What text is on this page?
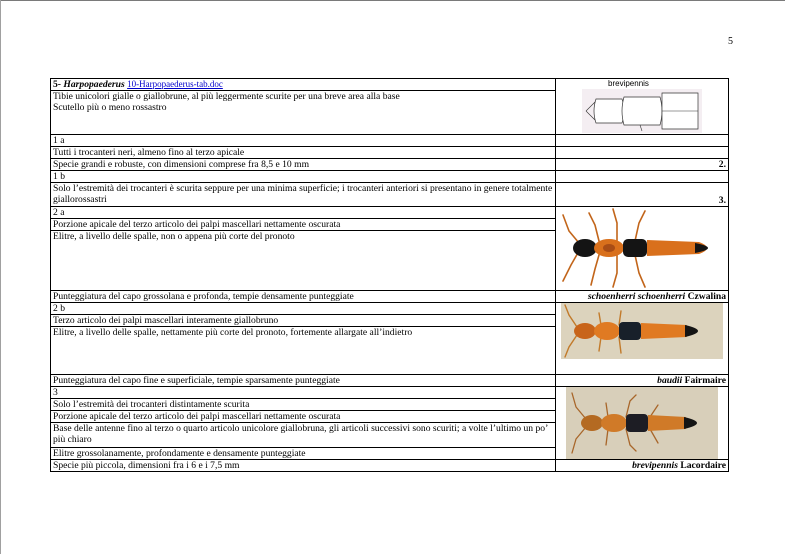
5
5- Harpopaederus 10-Harpopaederus-tab.doc	brevipennis

Tibie unicolori gialle o giallobrune, al più leggermente scurite per una breve area alla base
Scutello più o meno rossastro	

1 a	
Tutti i trocanteri neri, almeno fino al terzo apicale	
Specie grandi e robuste, con dimensioni comprese fra 8,5 e 10 mm	2.
1 b	
Solo l’estremità dei trocanteri è scurita seppure per una minima superficie; i trocanteri anteriori si presentano in genere totalmente giallorossastri	3.
2 a	

Porzione apicale del terzo articolo dei palpi mascellari nettamente oscurata	
Elitre, a livello delle spalle, non o appena più corte del pronoto	
Punteggiatura del capo grossolana e profonda, tempie densamente punteggiate	schoenherri schoenherri Czwalina
2 b	

Terzo articolo dei palpi mascellari interamente giallobruno	
Elitre, a livello delle spalle, nettamente più corte del pronoto, fortemente allargate all’indietro	
Punteggiatura del capo fine e superficiale, tempie sparsamente punteggiate	baudii Fairmaire
3	

Solo l’estremità dei trocanteri distintamente scurita	
Porzione apicale del terzo articolo dei palpi mascellari nettamente oscurata	
Base delle antenne fino al terzo o quarto articolo unicolore giallobruna, gli articoli successivi sono scuriti; a volte l’ultimo un po’ più chiaro	
Elitre grossolanamente, profondamente e densamente punteggiate	
Specie più piccola, dimensioni fra i 6 e i 7,5 mm	brevipennis Lacordaire
